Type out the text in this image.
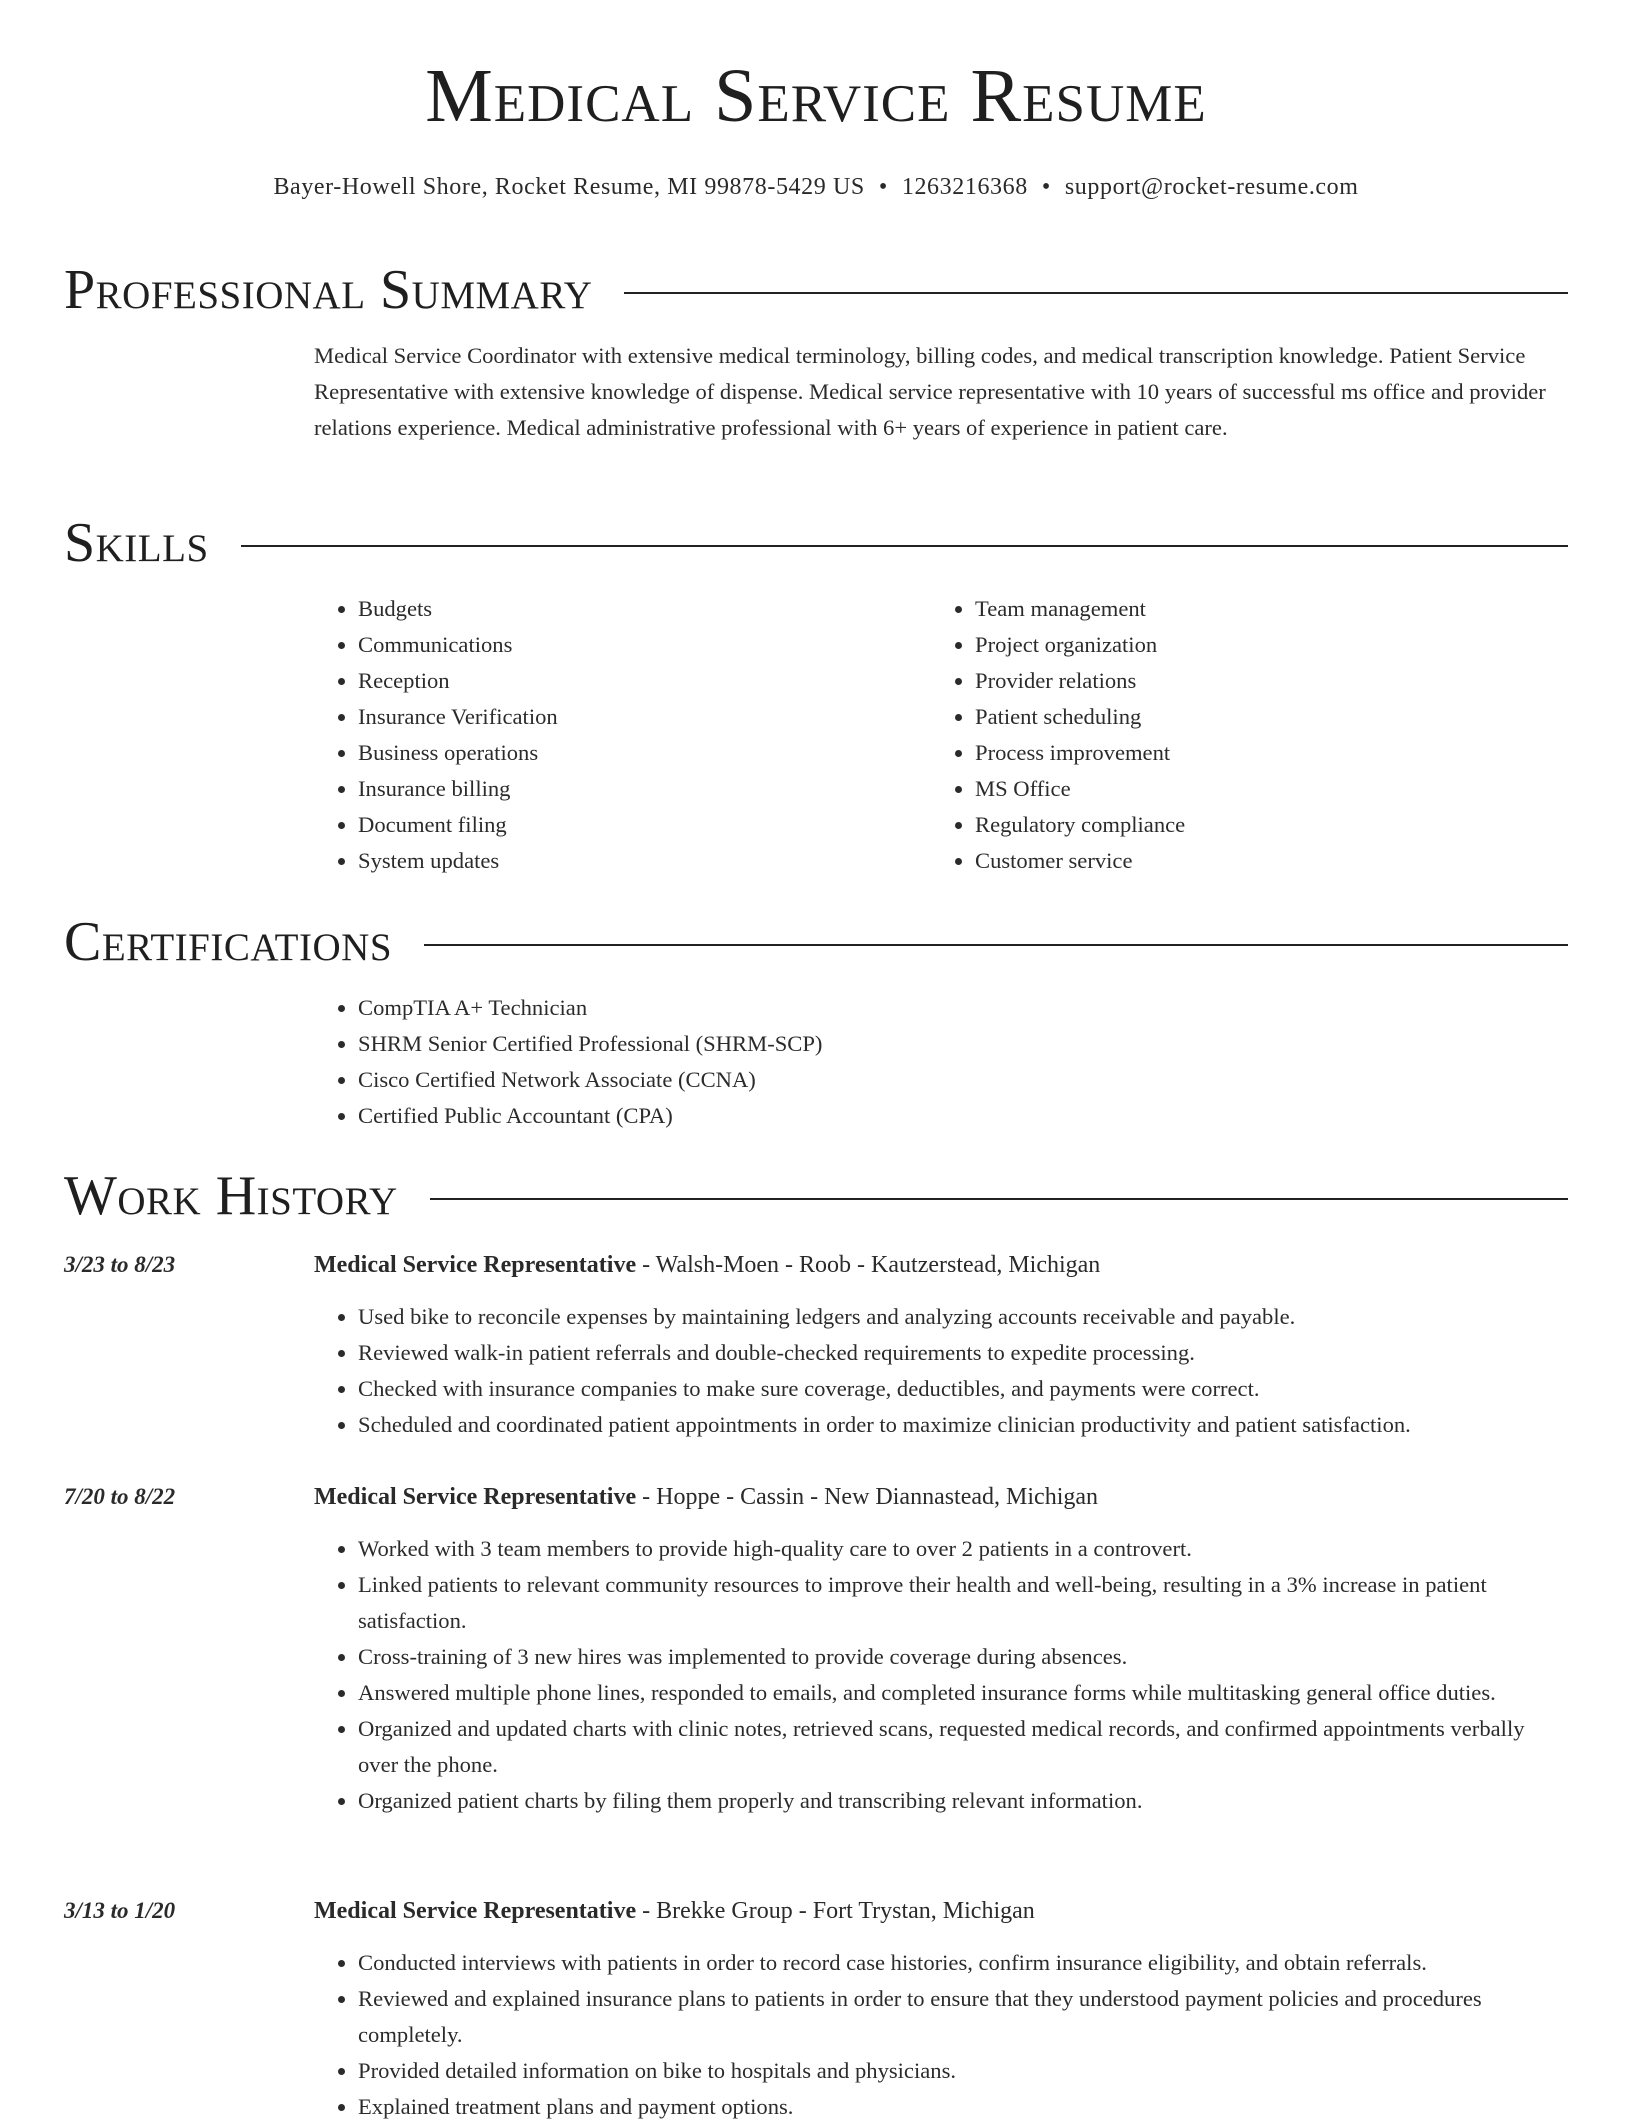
Medical Service Resume
Bayer-Howell Shore, Rocket Resume, MI 99878-5429 US • 1263216368 • support@rocket-resume.com
Professional Summary
Medical Service Coordinator with extensive medical terminology, billing codes, and medical transcription knowledge. Patient Service Representative with extensive knowledge of dispense. Medical service representative with 10 years of successful ms office and provider relations experience. Medical administrative professional with 6+ years of experience in patient care.
Skills
• Budgets
• Communications
• Reception
• Insurance Verification
• Business operations
• Insurance billing
• Document filing
• System updates
• Team management
• Project organization
• Provider relations
• Patient scheduling
• Process improvement
• MS Office
• Regulatory compliance
• Customer service
Certifications
• CompTIA A+ Technician
• SHRM Senior Certified Professional (SHRM-SCP)
• Cisco Certified Network Associate (CCNA)
• Certified Public Accountant (CPA)
Work History
3/23 to 8/23	Medical Service Representative - Walsh-Moen - Roob - Kautzerstead, Michigan
• Used bike to reconcile expenses by maintaining ledgers and analyzing accounts receivable and payable.
• Reviewed walk-in patient referrals and double-checked requirements to expedite processing.
• Checked with insurance companies to make sure coverage, deductibles, and payments were correct.
• Scheduled and coordinated patient appointments in order to maximize clinician productivity and patient satisfaction.
7/20 to 8/22	Medical Service Representative - Hoppe - Cassin - New Diannastead, Michigan
• Worked with 3 team members to provide high-quality care to over 2 patients in a controvert.
• Linked patients to relevant community resources to improve their health and well-being, resulting in a 3% increase in patient satisfaction.
• Cross-training of 3 new hires was implemented to provide coverage during absences.
• Answered multiple phone lines, responded to emails, and completed insurance forms while multitasking general office duties.
• Organized and updated charts with clinic notes, retrieved scans, requested medical records, and confirmed appointments verbally over the phone.
• Organized patient charts by filing them properly and transcribing relevant information.
3/13 to 1/20	Medical Service Representative - Brekke Group - Fort Trystan, Michigan
• Conducted interviews with patients in order to record case histories, confirm insurance eligibility, and obtain referrals.
• Reviewed and explained insurance plans to patients in order to ensure that they understood payment policies and procedures completely.
• Provided detailed information on bike to hospitals and physicians.
• Explained treatment plans and payment options.
